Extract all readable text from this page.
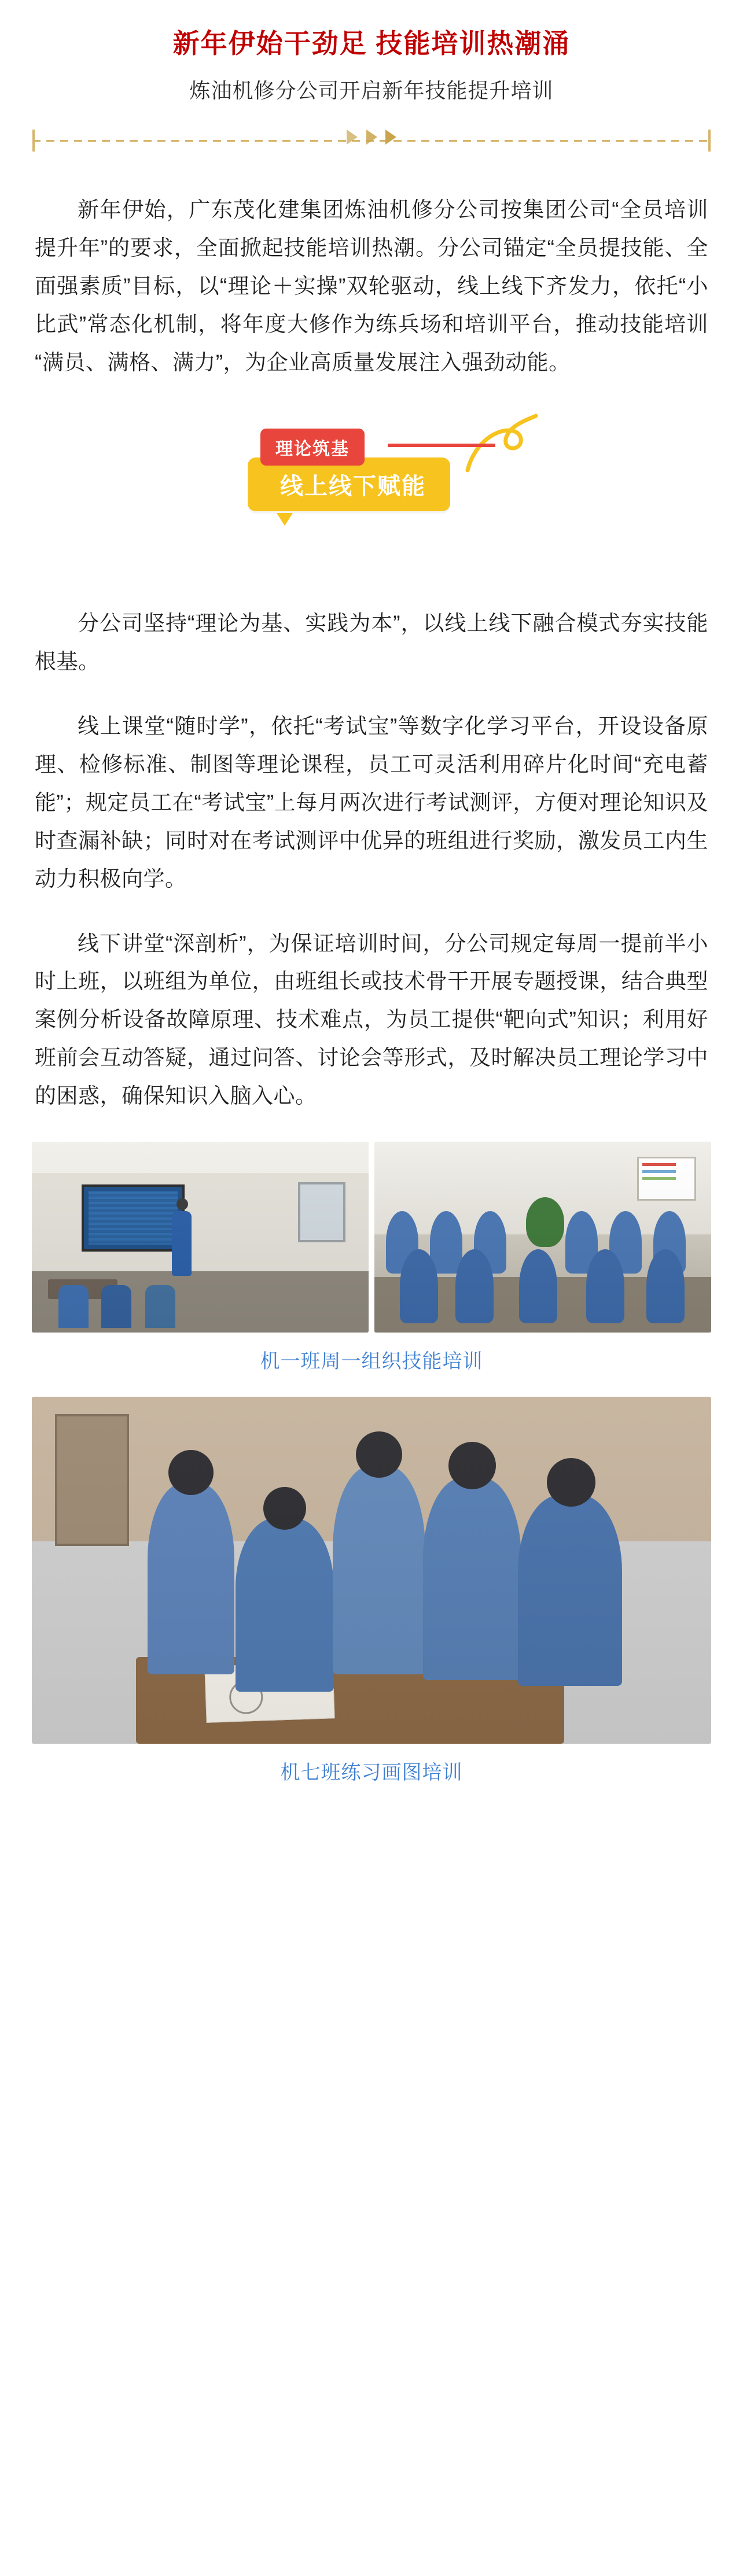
新年伊始干劲足 技能培训热潮涌
炼油机修分公司开启新年技能提升培训

新年伊始，广东茂化建集团炼油机修分公司按集团公司“全员培训提升年”的要求，全面掀起技能培训热潮。分公司锚定“全员提技能、全面强素质”目标，以“理论＋实操”双轮驱动，线上线下齐发力，依托“小比武”常态化机制，将年度大修作为练兵场和培训平台，推动技能培训“满员、满格、满力”，为企业高质量发展注入强劲动能。

线上线下赋能
理论筑基

分公司坚持“理论为基、实践为本”，以线上线下融合模式夯实技能根基。

线上课堂“随时学”，依托“考试宝”等数字化学习平台，开设设备原理、检修标准、制图等理论课程，员工可灵活利用碎片化时间“充电蓄能”；规定员工在“考试宝”上每月两次进行考试测评，方便对理论知识及时查漏补缺；同时对在考试测评中优异的班组进行奖励，激发员工内生动力积极向学。

线下讲堂“深剖析”，为保证培训时间，分公司规定每周一提前半小时上班，以班组为单位，由班组长或技术骨干开展专题授课，结合典型案例分析设备故障原理、技术难点，为员工提供“靶向式”知识；利用好班前会互动答疑，通过问答、讨论会等形式，及时解决员工理论学习中的困惑，确保知识入脑入心。

机一班周一组织技能培训
机七班练习画图培训
